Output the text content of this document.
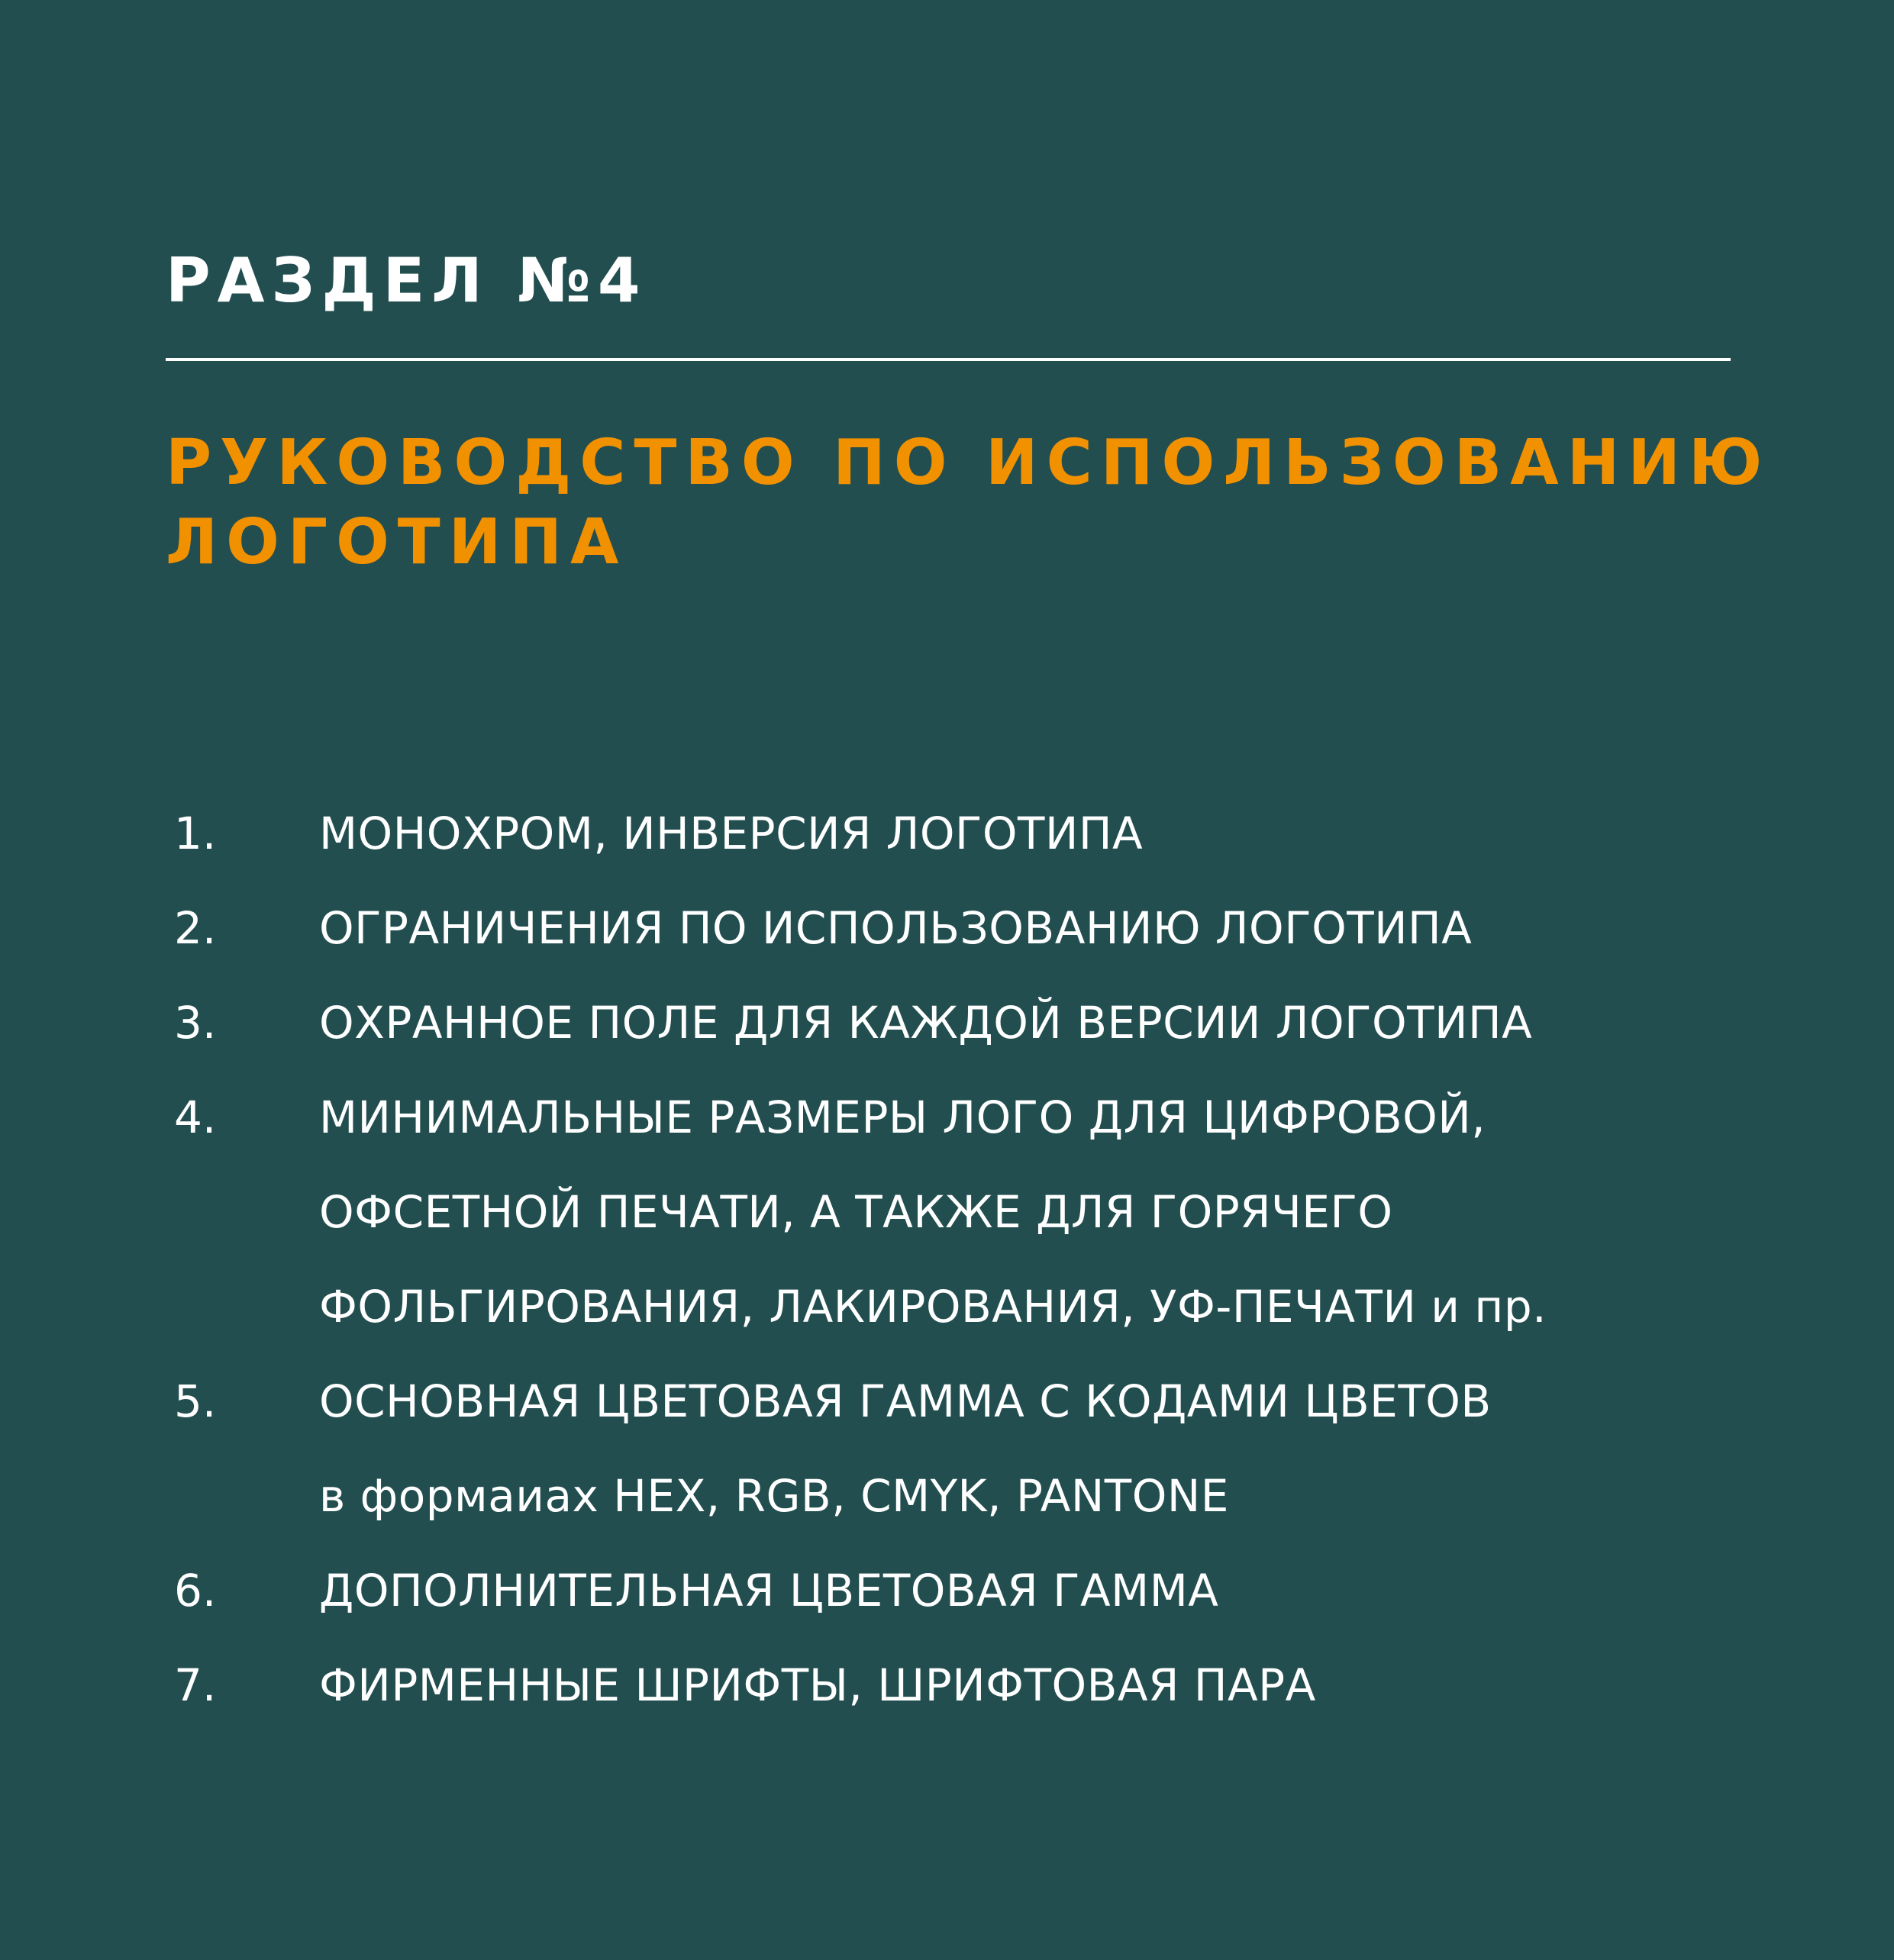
РАЗДЕЛ №4
РУКОВОДСТВО ПО ИСПОЛЬЗОВАНИЮ
ЛОГОТИПА
1.	МОНОХРОМ, ИНВЕРСИЯ ЛОГОТИПА
2.	ОГРАНИЧЕНИЯ ПО ИСПОЛЬЗОВАНИЮ ЛОГОТИПА
3.	ОХРАННОЕ ПОЛЕ ДЛЯ КАЖДОЙ ВЕРСИИ ЛОГОТИПА
4.	МИНИМАЛЬНЫЕ РАЗМЕРЫ ЛОГО ДЛЯ ЦИФРОВОЙ,
ОФСЕТНОЙ ПЕЧАТИ, А ТАКЖЕ ДЛЯ ГОРЯЧЕГО
ФОЛЬГИРОВАНИЯ, ЛАКИРОВАНИЯ, УФ-ПЕЧАТИ и пр.
5.	ОСНОВНАЯ ЦВЕТОВАЯ ГАММА С КОДАМИ ЦВЕТОВ
в формаиах HEX, RGB, CMYK, PANTONE
6.	ДОПОЛНИТЕЛЬНАЯ ЦВЕТОВАЯ ГАММА
7.	ФИРМЕННЫЕ ШРИФТЫ, ШРИФТОВАЯ ПАРА
